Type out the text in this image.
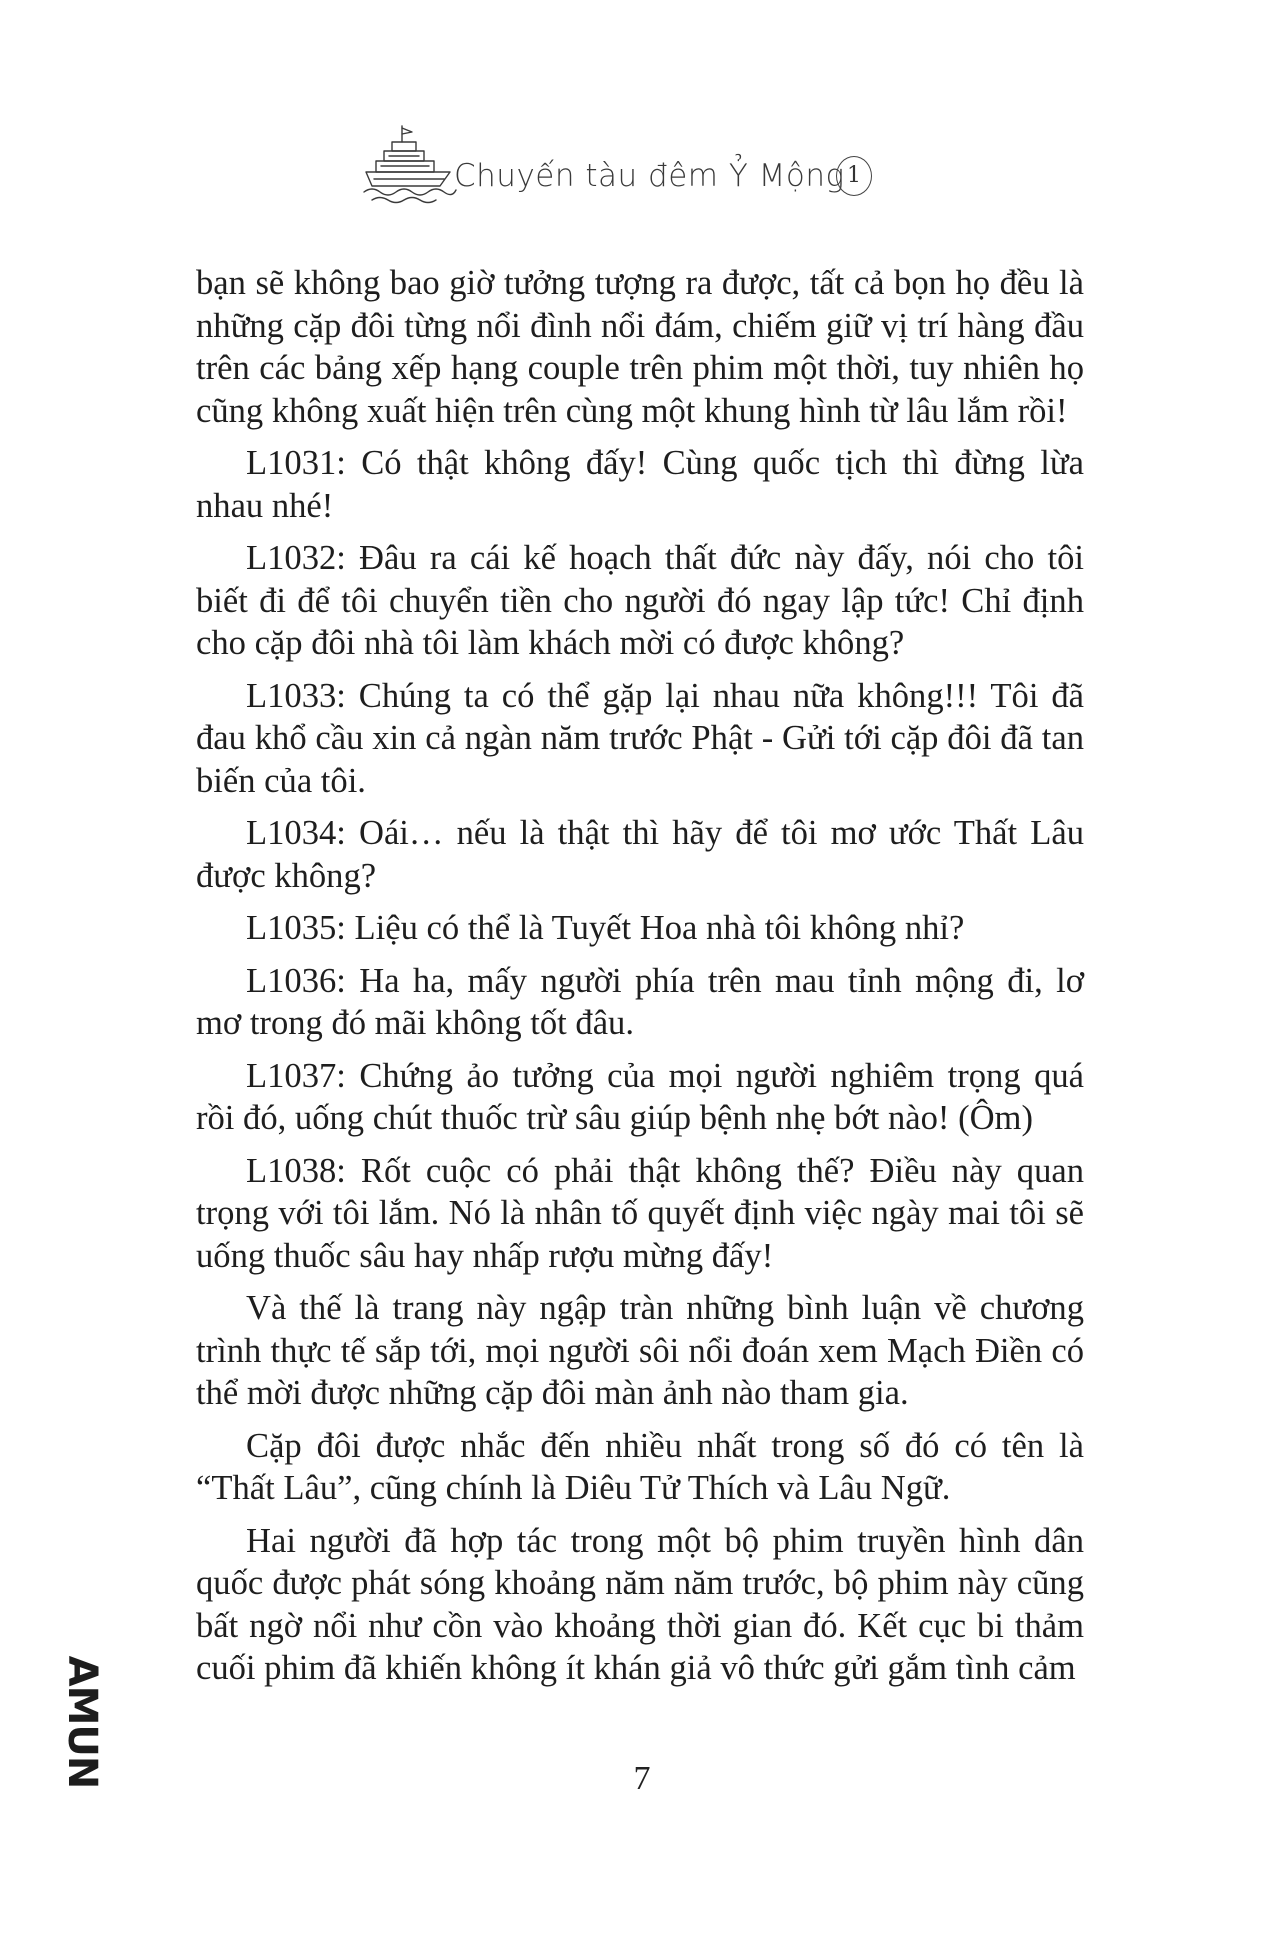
Chuyến tàu đêm Ỷ Mộng 1

bạn sẽ không bao giờ tưởng tượng ra được, tất cả bọn họ đều là những cặp đôi từng nổi đình nổi đám, chiếm giữ vị trí hàng đầu trên các bảng xếp hạng couple trên phim một thời, tuy nhiên họ cũng không xuất hiện trên cùng một khung hình từ lâu lắm rồi!

L1031: Có thật không đấy! Cùng quốc tịch thì đừng lừa nhau nhé!

L1032: Đâu ra cái kế hoạch thất đức này đấy, nói cho tôi biết đi để tôi chuyển tiền cho người đó ngay lập tức! Chỉ định cho cặp đôi nhà tôi làm khách mời có được không?

L1033: Chúng ta có thể gặp lại nhau nữa không!!! Tôi đã đau khổ cầu xin cả ngàn năm trước Phật - Gửi tới cặp đôi đã tan biến của tôi.

L1034: Oái… nếu là thật thì hãy để tôi mơ ước Thất Lâu được không?

L1035: Liệu có thể là Tuyết Hoa nhà tôi không nhỉ?

L1036: Ha ha, mấy người phía trên mau tỉnh mộng đi, lơ mơ trong đó mãi không tốt đâu.

L1037: Chứng ảo tưởng của mọi người nghiêm trọng quá rồi đó, uống chút thuốc trừ sâu giúp bệnh nhẹ bớt nào! (Ôm)

L1038: Rốt cuộc có phải thật không thế? Điều này quan trọng với tôi lắm. Nó là nhân tố quyết định việc ngày mai tôi sẽ uống thuốc sâu hay nhấp rượu mừng đấy!

Và thế là trang này ngập tràn những bình luận về chương trình thực tế sắp tới, mọi người sôi nổi đoán xem Mạch Điền có thể mời được những cặp đôi màn ảnh nào tham gia.

Cặp đôi được nhắc đến nhiều nhất trong số đó có tên là “Thất Lâu”, cũng chính là Diêu Tử Thích và Lâu Ngữ.

Hai người đã hợp tác trong một bộ phim truyền hình dân quốc được phát sóng khoảng năm năm trước, bộ phim này cũng bất ngờ nổi như cồn vào khoảng thời gian đó. Kết cục bi thảm cuối phim đã khiến không ít khán giả vô thức gửi gắm tình cảm

AMUN	7
